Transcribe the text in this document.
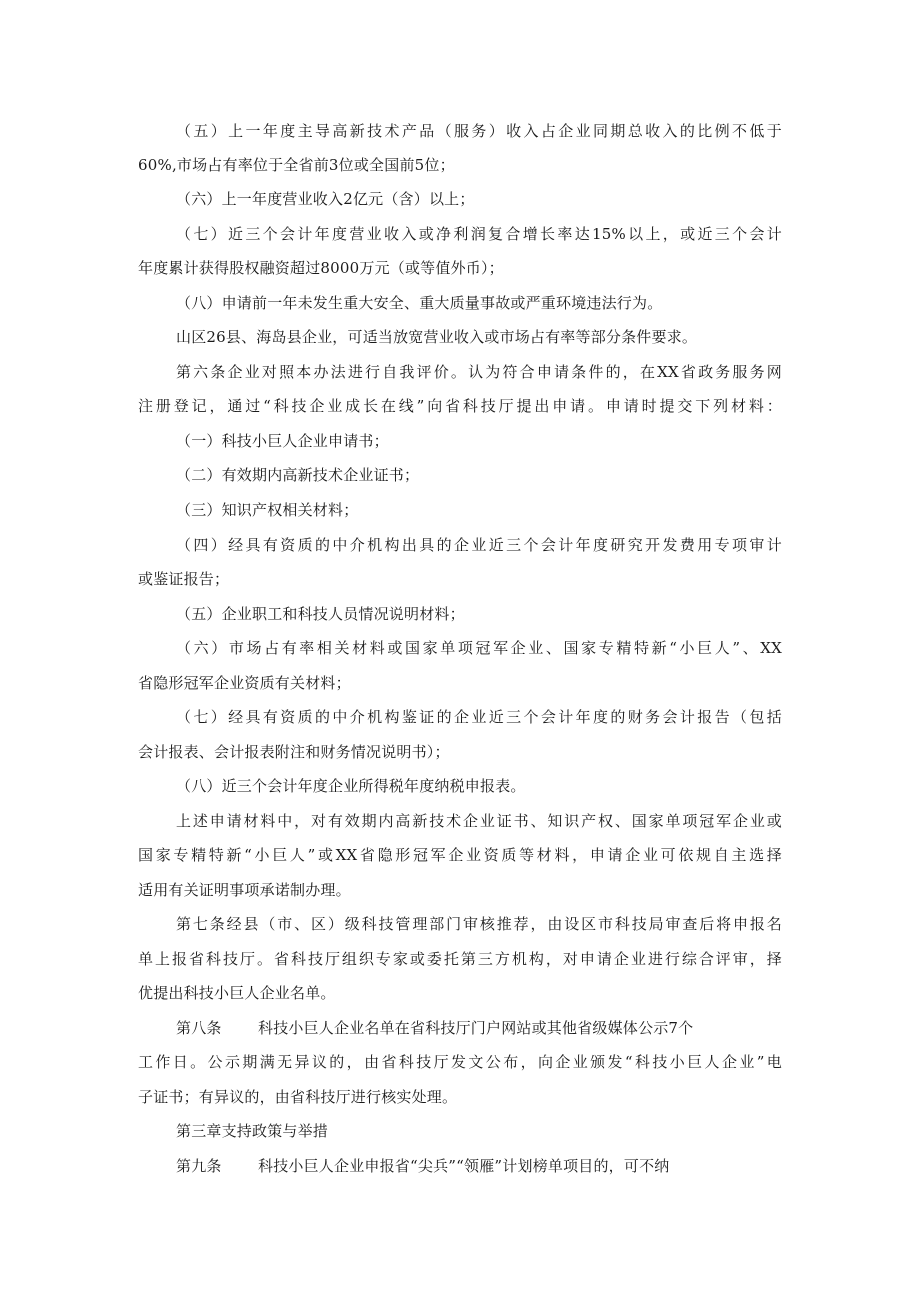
（五）上一年度主导高新技术产品（服务）收入占企业同期总收入的比例不低于
60%,市场占有率位于全省前3位或全国前5位；
（六）上一年度营业收入2亿元（含）以上；
（七）近三个会计年度营业收入或净利润复合增长率达15%以上，或近三个会计
年度累计获得股权融资超过8000万元（或等值外币）；
（八）申请前一年未发生重大安全、重大质量事故或严重环境违法行为。
山区26县、海岛县企业，可适当放宽营业收入或市场占有率等部分条件要求。
第六条企业对照本办法进行自我评价。认为符合申请条件的，在XX省政务服务网
注册登记，通过“科技企业成长在线”向省科技厅提出申请。申请时提交下列材料：
（一）科技小巨人企业申请书；
（二）有效期内高新技术企业证书；
（三）知识产权相关材料；
（四）经具有资质的中介机构出具的企业近三个会计年度研究开发费用专项审计
或鉴证报告；
（五）企业职工和科技人员情况说明材料；
（六）市场占有率相关材料或国家单项冠军企业、国家专精特新“小巨人”、XX
省隐形冠军企业资质有关材料；
（七）经具有资质的中介机构鉴证的企业近三个会计年度的财务会计报告（包括
会计报表、会计报表附注和财务情况说明书）；
（八）近三个会计年度企业所得税年度纳税申报表。
上述申请材料中，对有效期内高新技术企业证书、知识产权、国家单项冠军企业或
国家专精特新“小巨人”或XX省隐形冠军企业资质等材料，申请企业可依规自主选择
适用有关证明事项承诺制办理。
第七条经县（市、区）级科技管理部门审核推荐，由设区市科技局审查后将申报名
单上报省科技厅。省科技厅组织专家或委托第三方机构，对申请企业进行综合评审，择
优提出科技小巨人企业名单。
第八条 科技小巨人企业名单在省科技厅门户网站或其他省级媒体公示7个
工作日。公示期满无异议的，由省科技厅发文公布，向企业颁发“科技小巨人企业”电
子证书；有异议的，由省科技厅进行核实处理。
第三章支持政策与举措
第九条 科技小巨人企业申报省“尖兵”“领雁”计划榜单项目的，可不纳
